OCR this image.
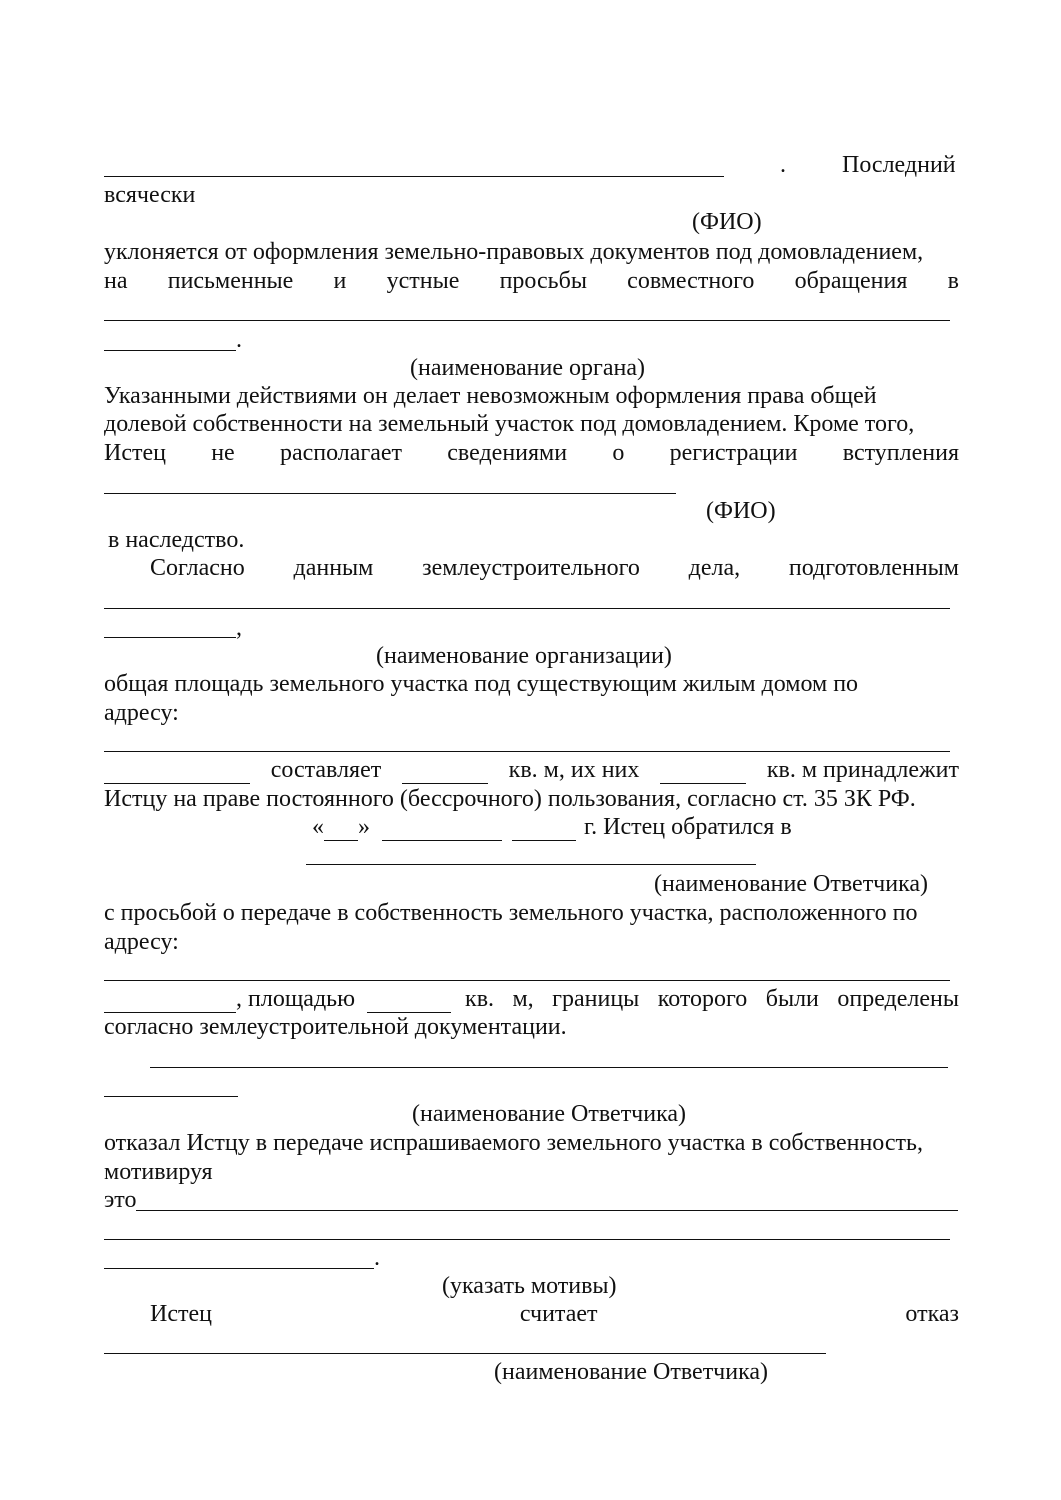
. Последний
всячески
(ФИО)
уклоняется от оформления земельно-правовых документов под домовладением,
на письменные и устные просьбы совместного обращения в
.
(наименование органа)
Указанными действиями он делает невозможным оформления права общей
долевой собственности на земельный участок под домовладением. Кроме того,
Истец не располагает сведениями о регистрации вступления
(ФИО)
в наследство.
Согласно данным землеустроительного дела, подготовленным
,
(наименование организации)
общая площадь земельного участка под существующим жилым домом по
адресу:
составляет	кв. м, их них	кв. м принадлежит
Истцу на праве постоянного (бессрочного) пользования, согласно ст. 35 ЗК РФ.
« »	г. Истец обратился в
(наименование Ответчика)
с просьбой о передаче в собственность земельного участка, расположенного по
адресу:
, площадью	кв. м, границы которого были определены
согласно землеустроительной документации.
(наименование Ответчика)
отказал Истцу в передаче испрашиваемого земельного участка в собственность,
мотивируя
это
.
(указать мотивы)
Истец	считает	отказ
(наименование Ответчика)
